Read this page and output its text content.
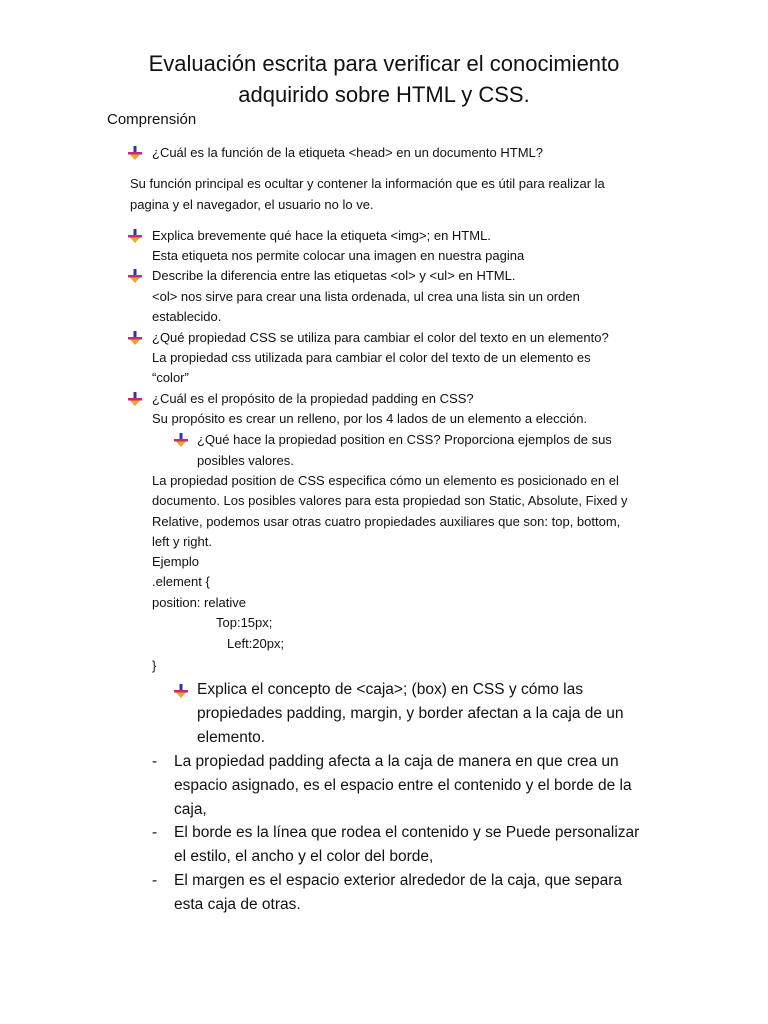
Evaluación escrita para verificar el conocimiento
adquirido sobre HTML y CSS.
Comprensión
¿Cuál es la función de la etiqueta <head> en un documento HTML?
Su función principal es ocultar y contener la información que es útil para realizar la
pagina y el navegador, el usuario no lo ve.
Explica brevemente qué hace la etiqueta <img>; en HTML.
Esta etiqueta nos permite colocar una imagen en nuestra pagina
Describe la diferencia entre las etiquetas <ol> y <ul> en HTML.
<ol> nos sirve para crear una lista ordenada, ul crea una lista sin un orden
establecido.
¿Qué propiedad CSS se utiliza para cambiar el color del texto en un elemento?
La propiedad css utilizada para cambiar el color del texto de un elemento es
“color”
¿Cuál es el propósito de la propiedad padding en CSS?
Su propósito es crear un relleno, por los 4 lados de un elemento a elección.
¿Qué hace la propiedad position en CSS? Proporciona ejemplos de sus
posibles valores.
La propiedad position de CSS especifica cómo un elemento es posicionado en el
documento. Los posibles valores para esta propiedad son Static, Absolute, Fixed y
Relative, podemos usar otras cuatro propiedades auxiliares que son: top, bottom,
left y right.
Ejemplo
.element {
position: relative
Top:15px;
Left:20px;
}
Explica el concepto de <caja>; (box) en CSS y cómo las
propiedades padding, margin, y border afectan a la caja de un
elemento.
- La propiedad padding afecta a la caja de manera en que crea un
espacio asignado, es el espacio entre el contenido y el borde de la
caja,
- El borde es la línea que rodea el contenido y se Puede personalizar
el estilo, el ancho y el color del borde,
- El margen es el espacio exterior alrededor de la caja, que separa
esta caja de otras.
